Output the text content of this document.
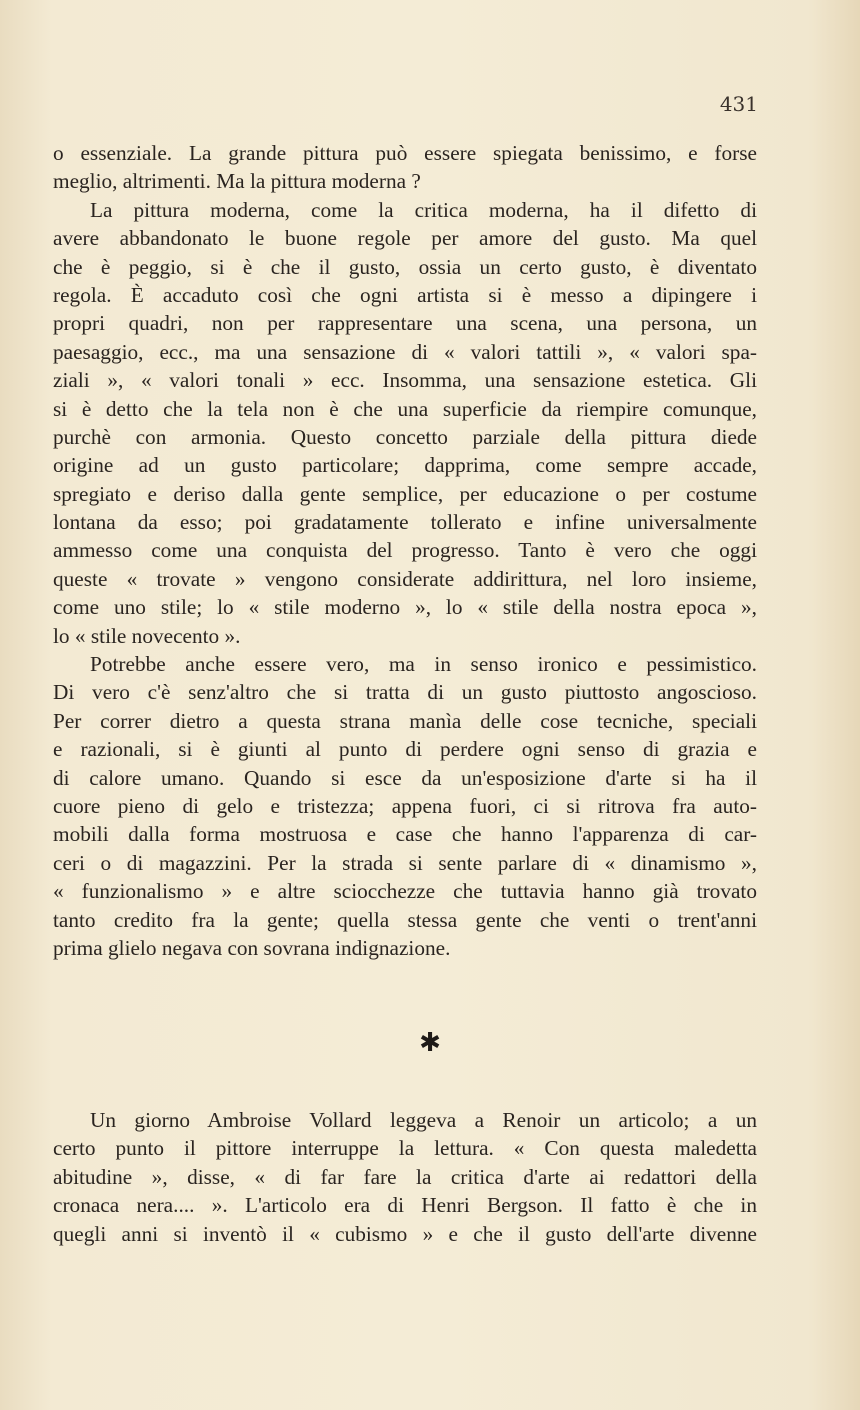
431
o essenziale. La grande pittura può essere spiegata benissimo, e forse
meglio, altrimenti. Ma la pittura moderna ?
La pittura moderna, come la critica moderna, ha il difetto di
avere abbandonato le buone regole per amore del gusto. Ma quel
che è peggio, si è che il gusto, ossia un certo gusto, è diventato
regola. È accaduto così che ogni artista si è messo a dipingere i
propri quadri, non per rappresentare una scena, una persona, un
paesaggio, ecc., ma una sensazione di « valori tattili », « valori spa-
ziali », « valori tonali » ecc. Insomma, una sensazione estetica. Gli
si è detto che la tela non è che una superficie da riempire comunque,
purchè con armonia. Questo concetto parziale della pittura diede
origine ad un gusto particolare; dapprima, come sempre accade,
spregiato e deriso dalla gente semplice, per educazione o per costume
lontana da esso; poi gradatamente tollerato e infine universalmente
ammesso come una conquista del progresso. Tanto è vero che oggi
queste « trovate » vengono considerate addirittura, nel loro insieme,
come uno stile; lo « stile moderno », lo « stile della nostra epoca »,
lo « stile novecento ».
Potrebbe anche essere vero, ma in senso ironico e pessimistico.
Di vero c'è senz'altro che si tratta di un gusto piuttosto angoscioso.
Per correr dietro a questa strana manìa delle cose tecniche, speciali
e razionali, si è giunti al punto di perdere ogni senso di grazia e
di calore umano. Quando si esce da un'esposizione d'arte si ha il
cuore pieno di gelo e tristezza; appena fuori, ci si ritrova fra auto-
mobili dalla forma mostruosa e case che hanno l'apparenza di car-
ceri o di magazzini. Per la strada si sente parlare di « dinamismo »,
« funzionalismo » e altre sciocchezze che tuttavia hanno già trovato
tanto credito fra la gente; quella stessa gente che venti o trent'anni
prima glielo negava con sovrana indignazione.
✱
Un giorno Ambroise Vollard leggeva a Renoir un articolo; a un
certo punto il pittore interruppe la lettura. « Con questa maledetta
abitudine », disse, « di far fare la critica d'arte ai redattori della
cronaca nera.... ». L'articolo era di Henri Bergson. Il fatto è che in
quegli anni si inventò il « cubismo » e che il gusto dell'arte divenne
